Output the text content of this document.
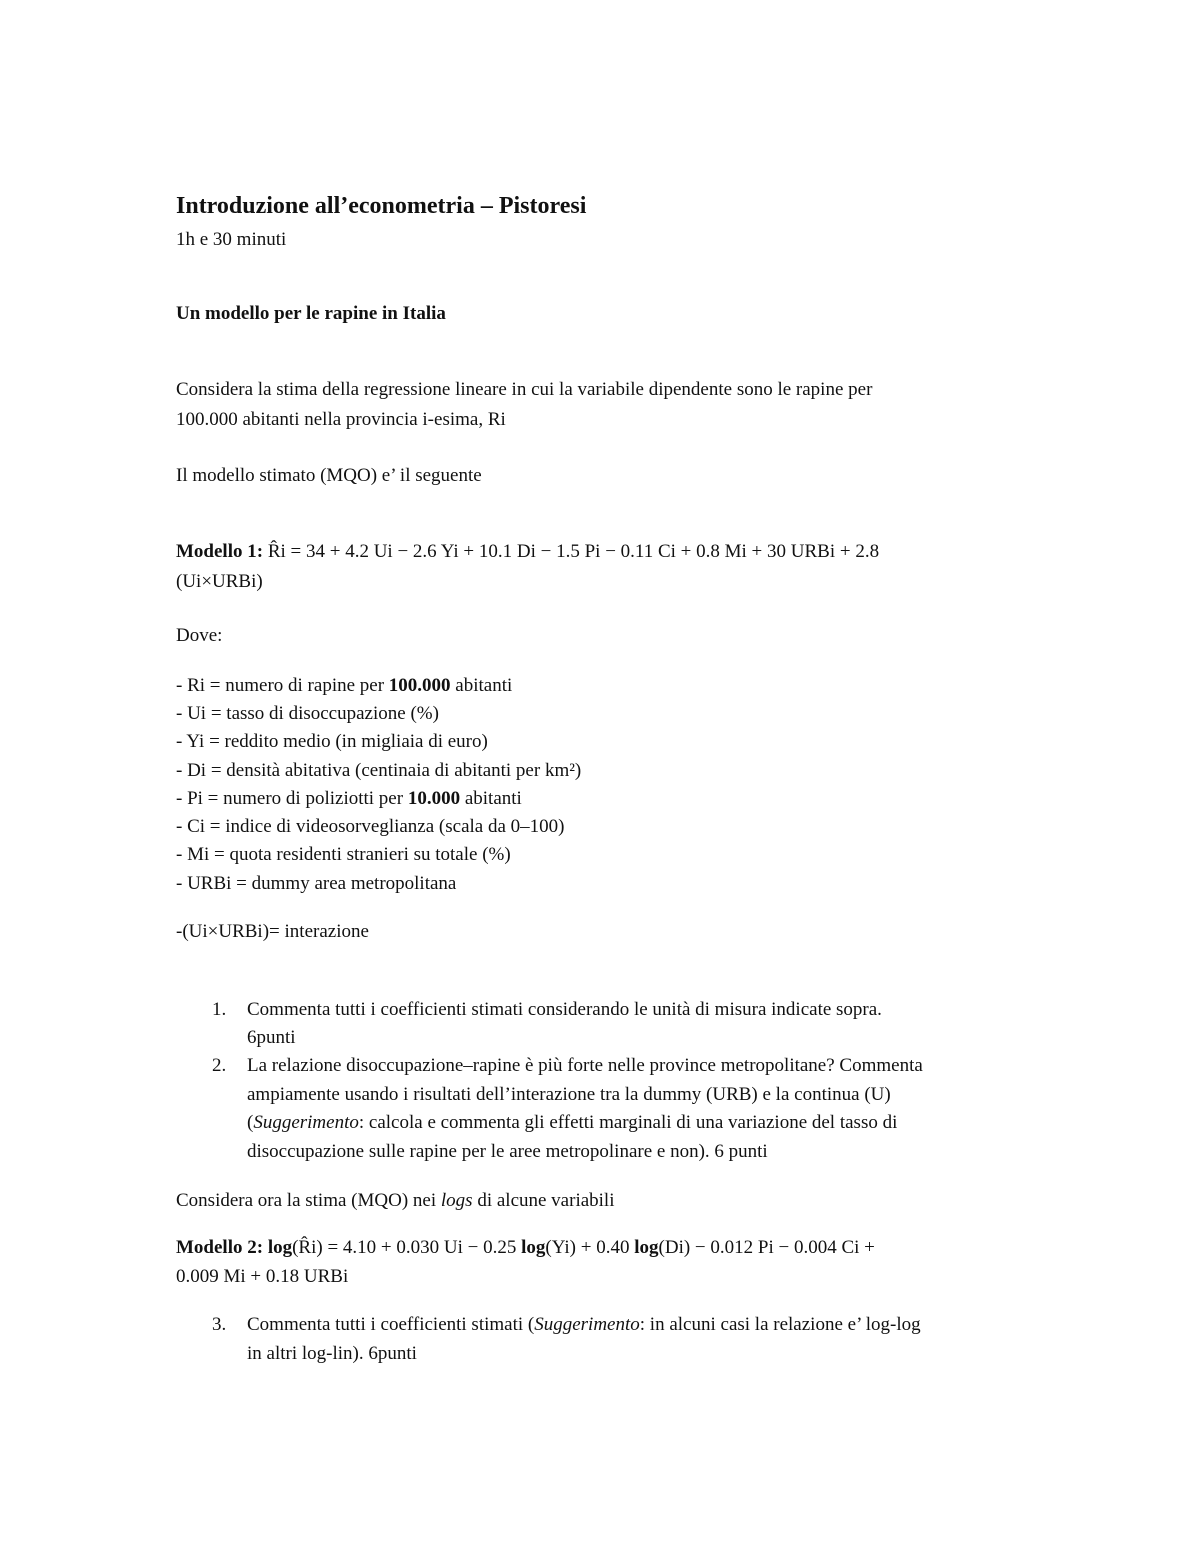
Introduzione all’econometria – Pistoresi
1h e 30 minuti
Un modello per le rapine in Italia
Considera la stima della regressione lineare in cui la variabile dipendente sono le rapine per
100.000 abitanti nella provincia i-esima, Ri
Il modello stimato (MQO) e’ il seguente
Modello 1: R̂i = 34 + 4.2 Ui − 2.6 Yi + 10.1 Di − 1.5 Pi − 0.11 Ci + 0.8 Mi + 30 URBi + 2.8
(Ui×URBi)
Dove:
- Ri = numero di rapine per 100.000 abitanti
- Ui = tasso di disoccupazione (%)
- Yi = reddito medio (in migliaia di euro)
- Di = densità abitativa (centinaia di abitanti per km²)
- Pi = numero di poliziotti per 10.000 abitanti
- Ci = indice di videosorveglianza (scala da 0–100)
- Mi = quota residenti stranieri su totale (%)
- URBi = dummy area metropolitana
-(Ui×URBi)= interazione
1. Commenta tutti i coefficienti stimati considerando le unità di misura indicate sopra.
6punti
2. La relazione disoccupazione–rapine è più forte nelle province metropolitane? Commenta
ampiamente usando i risultati dell’interazione tra la dummy (URB) e la continua (U)
(Suggerimento: calcola e commenta gli effetti marginali di una variazione del tasso di
disoccupazione sulle rapine per le aree metropolinare e non). 6 punti
Considera ora la stima (MQO) nei logs di alcune variabili
Modello 2: log(R̂i) = 4.10 + 0.030 Ui − 0.25 log(Yi) + 0.40 log(Di) − 0.012 Pi − 0.004 Ci +
0.009 Mi + 0.18 URBi
3. Commenta tutti i coefficienti stimati (Suggerimento: in alcuni casi la relazione e’ log-log
in altri log-lin). 6punti
